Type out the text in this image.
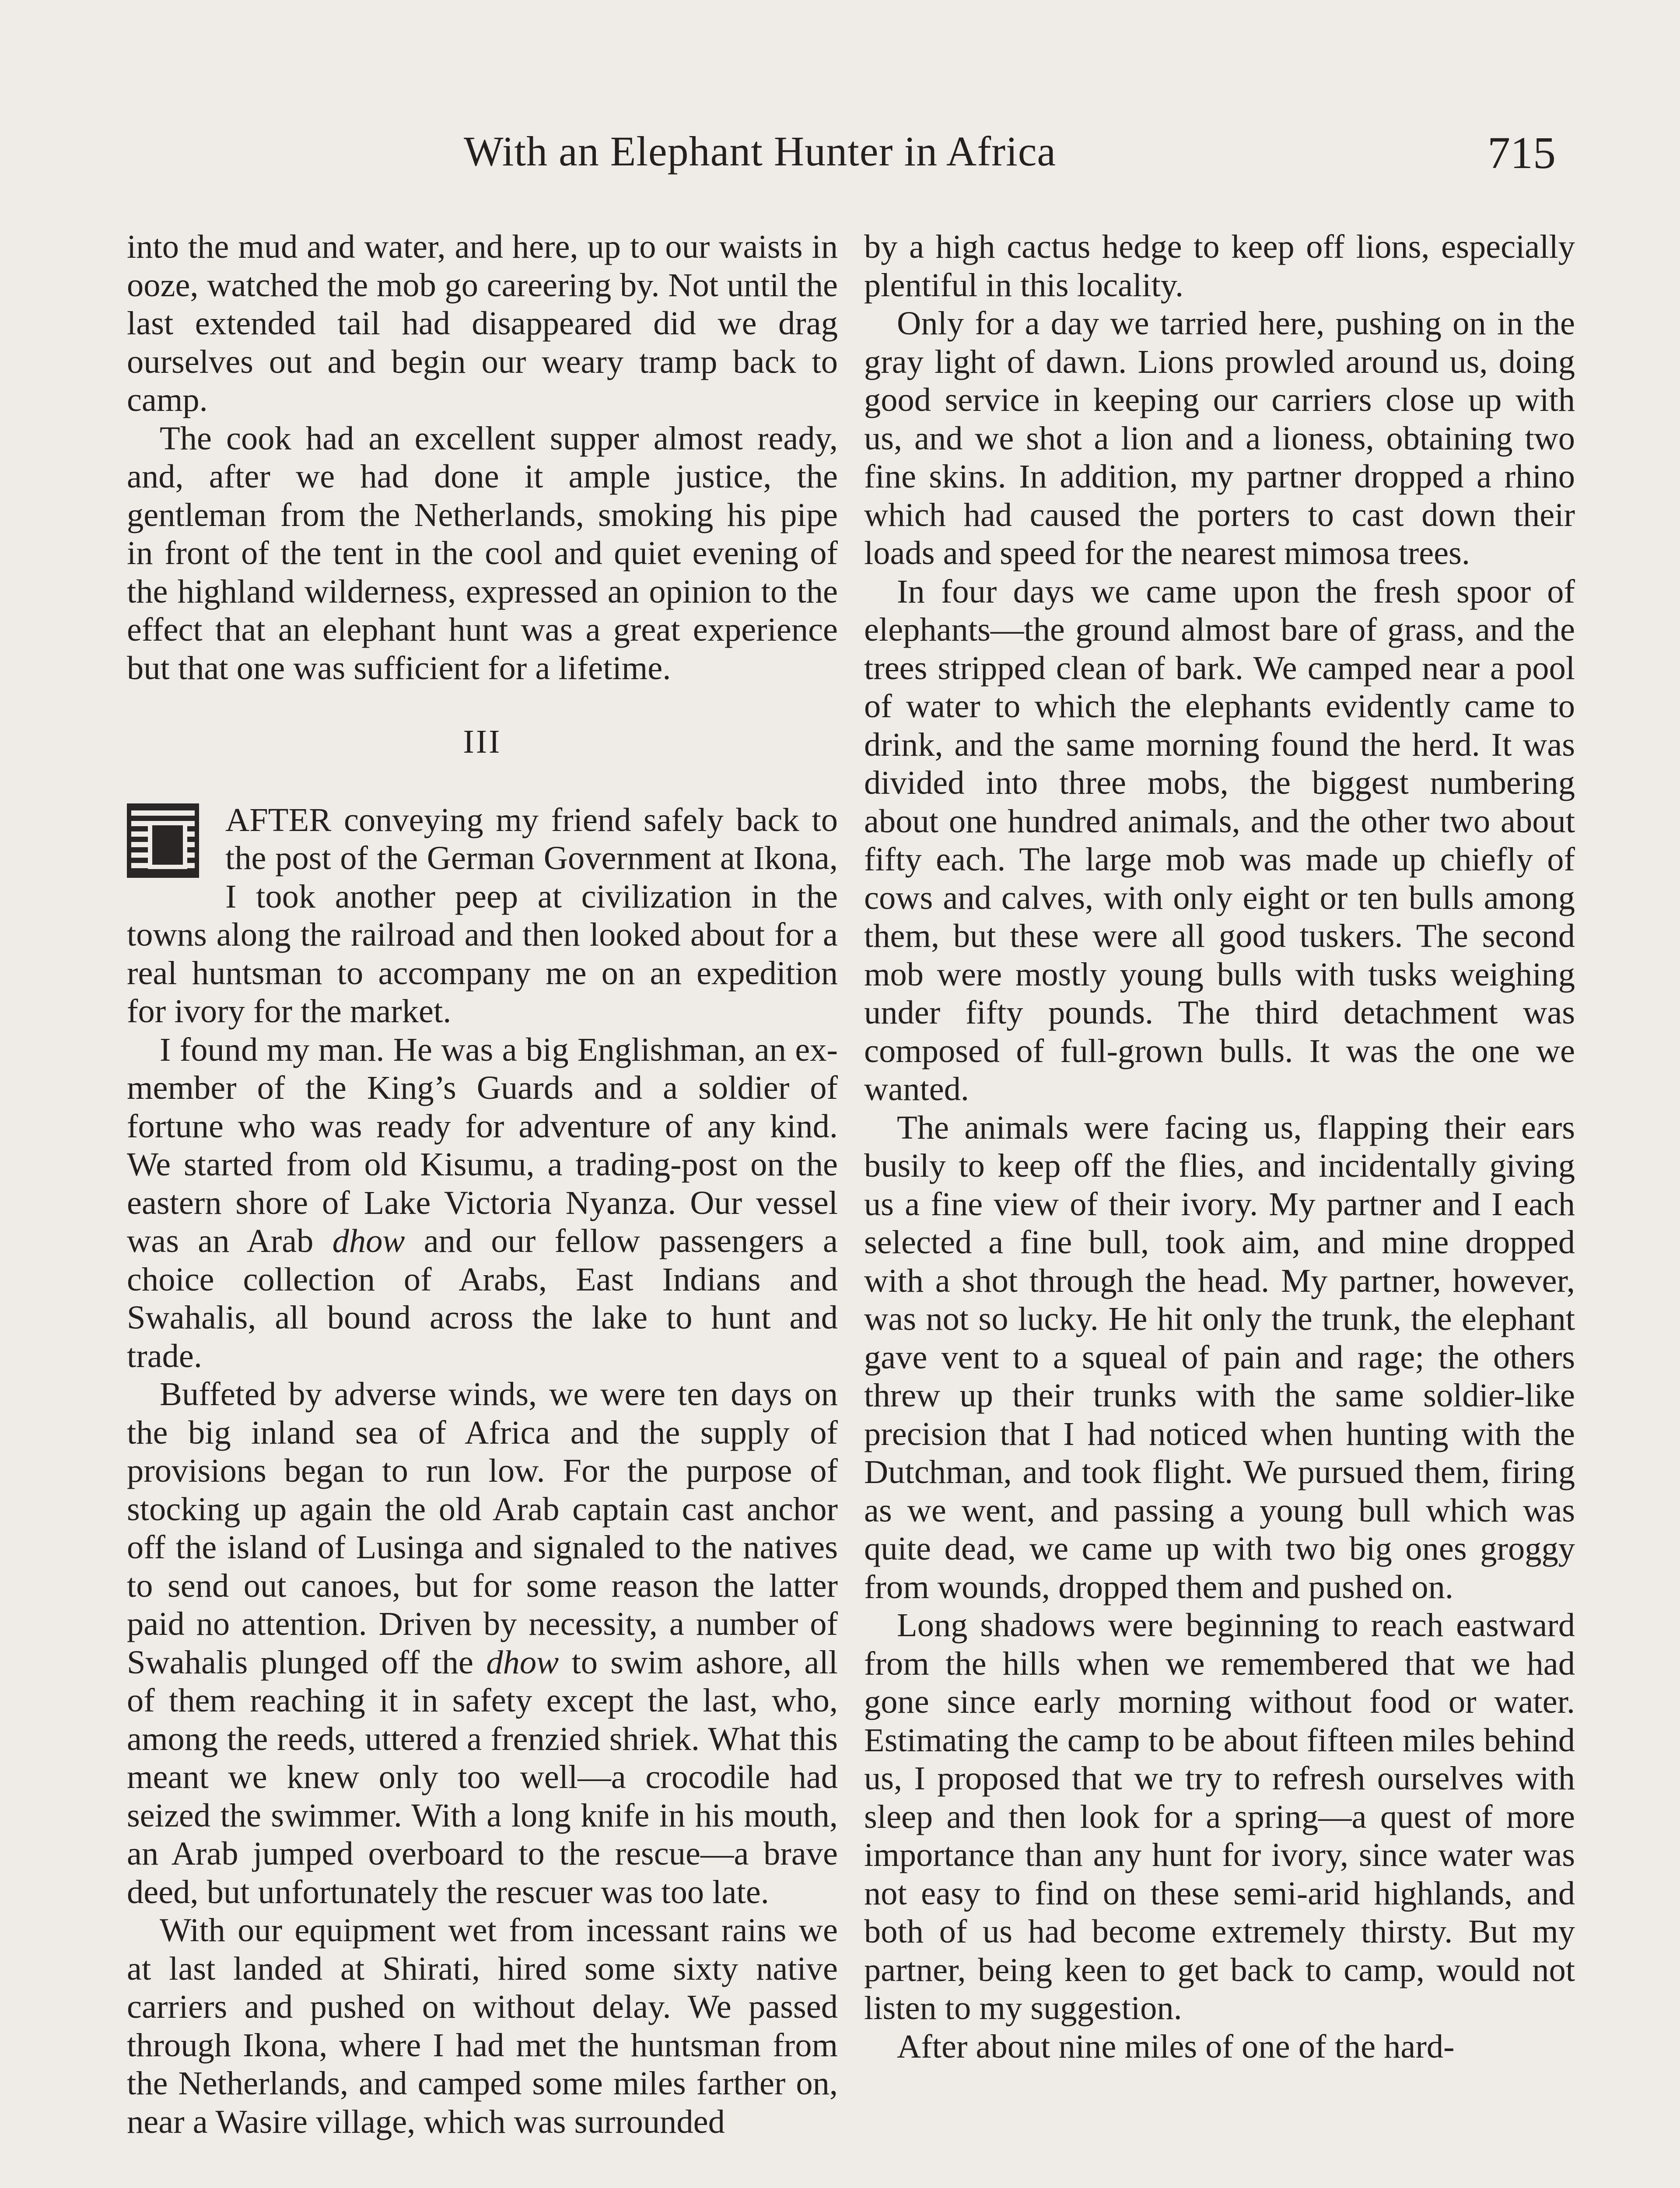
With an Elephant Hunter in Africa	715

into the mud and water, and here, up to our waists in ooze, watched the mob go careering by. Not until the last extended tail had disappeared did we drag ourselves out and begin our weary tramp back to camp.

The cook had an excellent supper almost ready, and, after we had done it ample justice, the gentleman from the Netherlands, smoking his pipe in front of the tent in the cool and quiet evening of the highland wilderness, expressed an opinion to the effect that an elephant hunt was a great experience but that one was sufficient for a lifetime.

III

AFTER conveying my friend safely back to the post of the German Government at Ikona, I took another peep at civilization in the towns along the railroad and then looked about for a real huntsman to accompany me on an expedition for ivory for the market.

I found my man. He was a big Englishman, an ex-member of the King’s Guards and a soldier of fortune who was ready for adventure of any kind. We started from old Kisumu, a trading-post on the eastern shore of Lake Victoria Nyanza. Our vessel was an Arab dhow and our fellow passengers a choice collection of Arabs, East Indians and Swahalis, all bound across the lake to hunt and trade.

Buffeted by adverse winds, we were ten days on the big inland sea of Africa and the supply of provisions began to run low. For the purpose of stocking up again the old Arab captain cast anchor off the island of Lusinga and signaled to the natives to send out canoes, but for some reason the latter paid no attention. Driven by necessity, a number of Swahalis plunged off the dhow to swim ashore, all of them reaching it in safety except the last, who, among the reeds, uttered a frenzied shriek. What this meant we knew only too well—a crocodile had seized the swimmer. With a long knife in his mouth, an Arab jumped overboard to the rescue—a brave deed, but unfortunately the rescuer was too late.

With our equipment wet from incessant rains we at last landed at Shirati, hired some sixty native carriers and pushed on without delay. We passed through Ikona, where I had met the huntsman from the Netherlands, and camped some miles farther on, near a Wasire village, which was surrounded

by a high cactus hedge to keep off lions, especially plentiful in this locality.

Only for a day we tarried here, pushing on in the gray light of dawn. Lions prowled around us, doing good service in keeping our carriers close up with us, and we shot a lion and a lioness, obtaining two fine skins. In addition, my partner dropped a rhino which had caused the porters to cast down their loads and speed for the nearest mimosa trees.

In four days we came upon the fresh spoor of elephants—the ground almost bare of grass, and the trees stripped clean of bark. We camped near a pool of water to which the elephants evidently came to drink, and the same morning found the herd. It was divided into three mobs, the biggest numbering about one hundred animals, and the other two about fifty each. The large mob was made up chiefly of cows and calves, with only eight or ten bulls among them, but these were all good tuskers. The second mob were mostly young bulls with tusks weighing under fifty pounds. The third detachment was composed of full-grown bulls. It was the one we wanted.

The animals were facing us, flapping their ears busily to keep off the flies, and incidentally giving us a fine view of their ivory. My partner and I each selected a fine bull, took aim, and mine dropped with a shot through the head. My partner, however, was not so lucky. He hit only the trunk, the elephant gave vent to a squeal of pain and rage; the others threw up their trunks with the same soldier-like precision that I had noticed when hunting with the Dutchman, and took flight. We pursued them, firing as we went, and passing a young bull which was quite dead, we came up with two big ones groggy from wounds, dropped them and pushed on.

Long shadows were beginning to reach eastward from the hills when we remembered that we had gone since early morning without food or water. Estimating the camp to be about fifteen miles behind us, I proposed that we try to refresh ourselves with sleep and then look for a spring—a quest of more importance than any hunt for ivory, since water was not easy to find on these semi-arid highlands, and both of us had become extremely thirsty. But my partner, being keen to get back to camp, would not listen to my suggestion.

After about nine miles of one of the hard-
